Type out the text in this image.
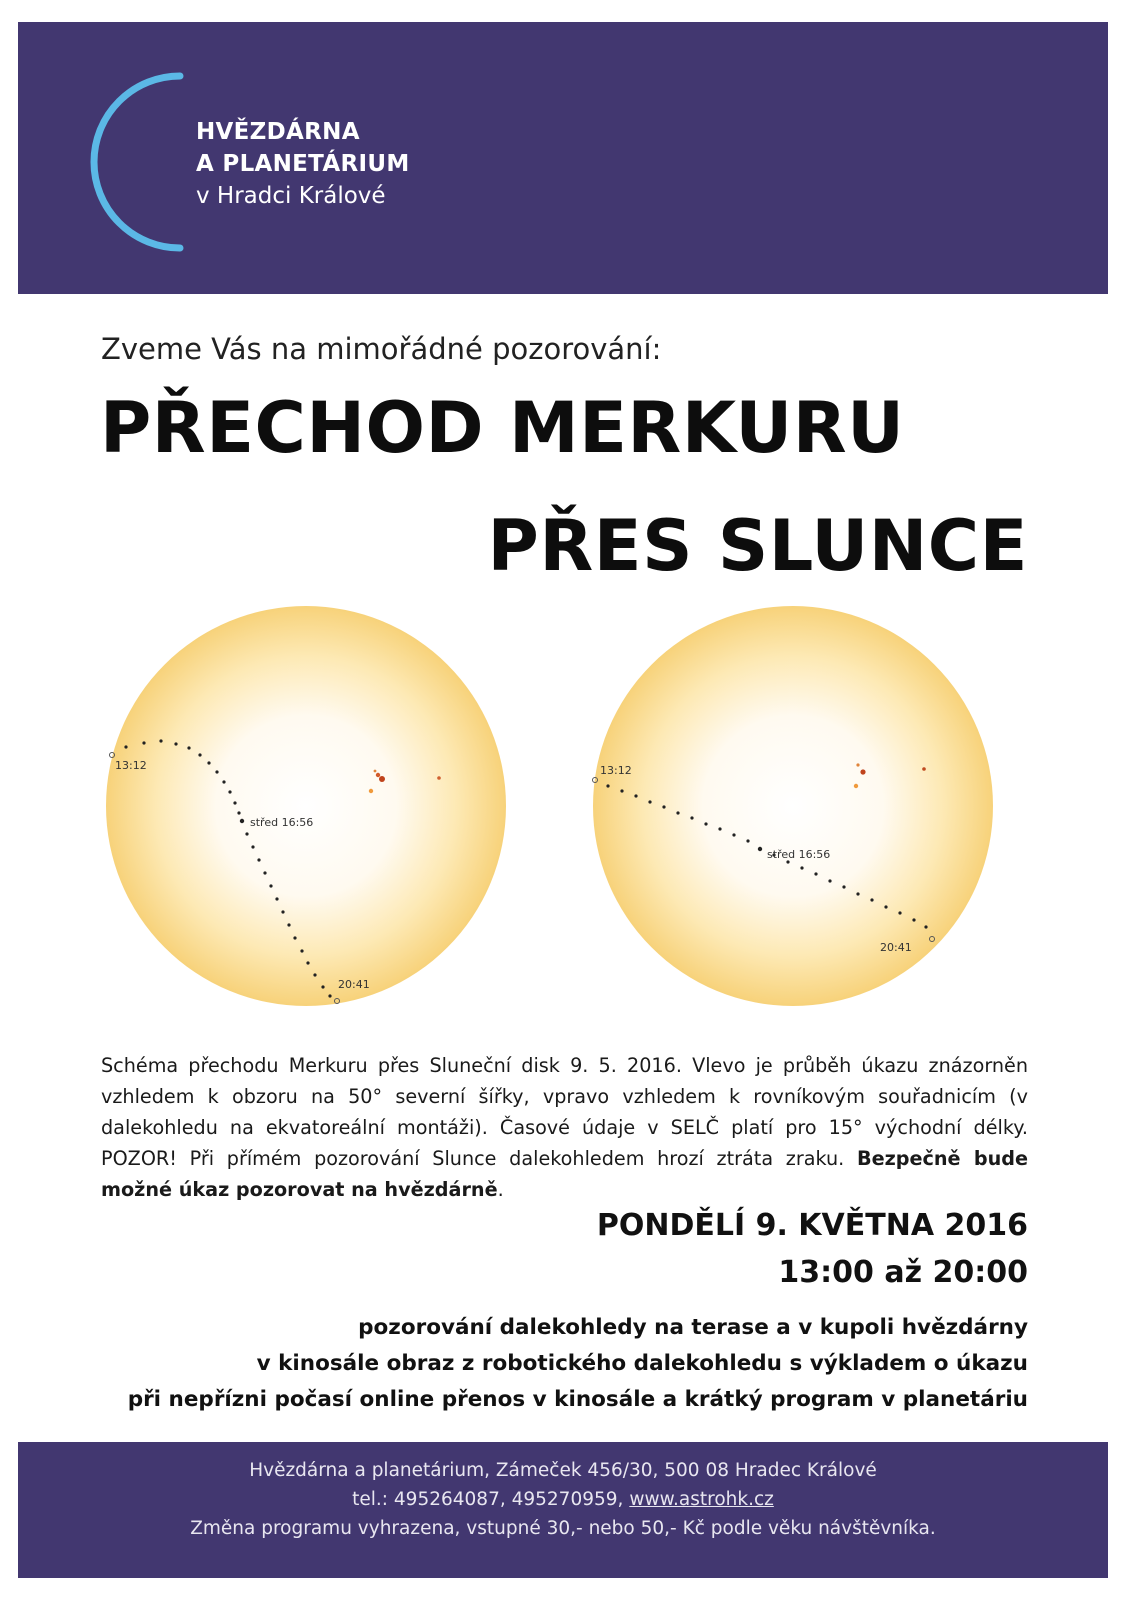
HVĚZDÁRNA
A PLANETÁRIUM
v Hradci Králové
Zveme Vás na mimořádné pozorování:
PŘECHOD MERKURU
PŘES SLUNCE
13:12
střed 16:56
20:41
13:12
střed 16:56
20:41
Schéma přechodu Merkuru přes Sluneční disk 9. 5. 2016. Vlevo je průběh úkazu znázorněn vzhledem k obzoru na 50° severní šířky, vpravo vzhledem k rovníkovým souřadnicím (v dalekohledu na ekvatoreální montáži). Časové údaje v SELČ platí pro 15° východní délky. POZOR! Při přímém pozorování Slunce dalekohledem hrozí ztráta zraku. Bezpečně bude možné úkaz pozorovat na hvězdárně.
PONDĚLÍ 9. KVĚTNA 2016
13:00 až 20:00
pozorování dalekohledy na terase a v kupoli hvězdárny
v kinosále obraz z robotického dalekohledu s výkladem o úkazu
při nepřízni počasí online přenos v kinosále a krátký program v planetáriu
Hvězdárna a planetárium, Zámeček 456/30, 500 08 Hradec Králové
tel.: 495264087, 495270959, www.astrohk.cz
Změna programu vyhrazena, vstupné 30,- nebo 50,- Kč podle věku návštěvníka.
